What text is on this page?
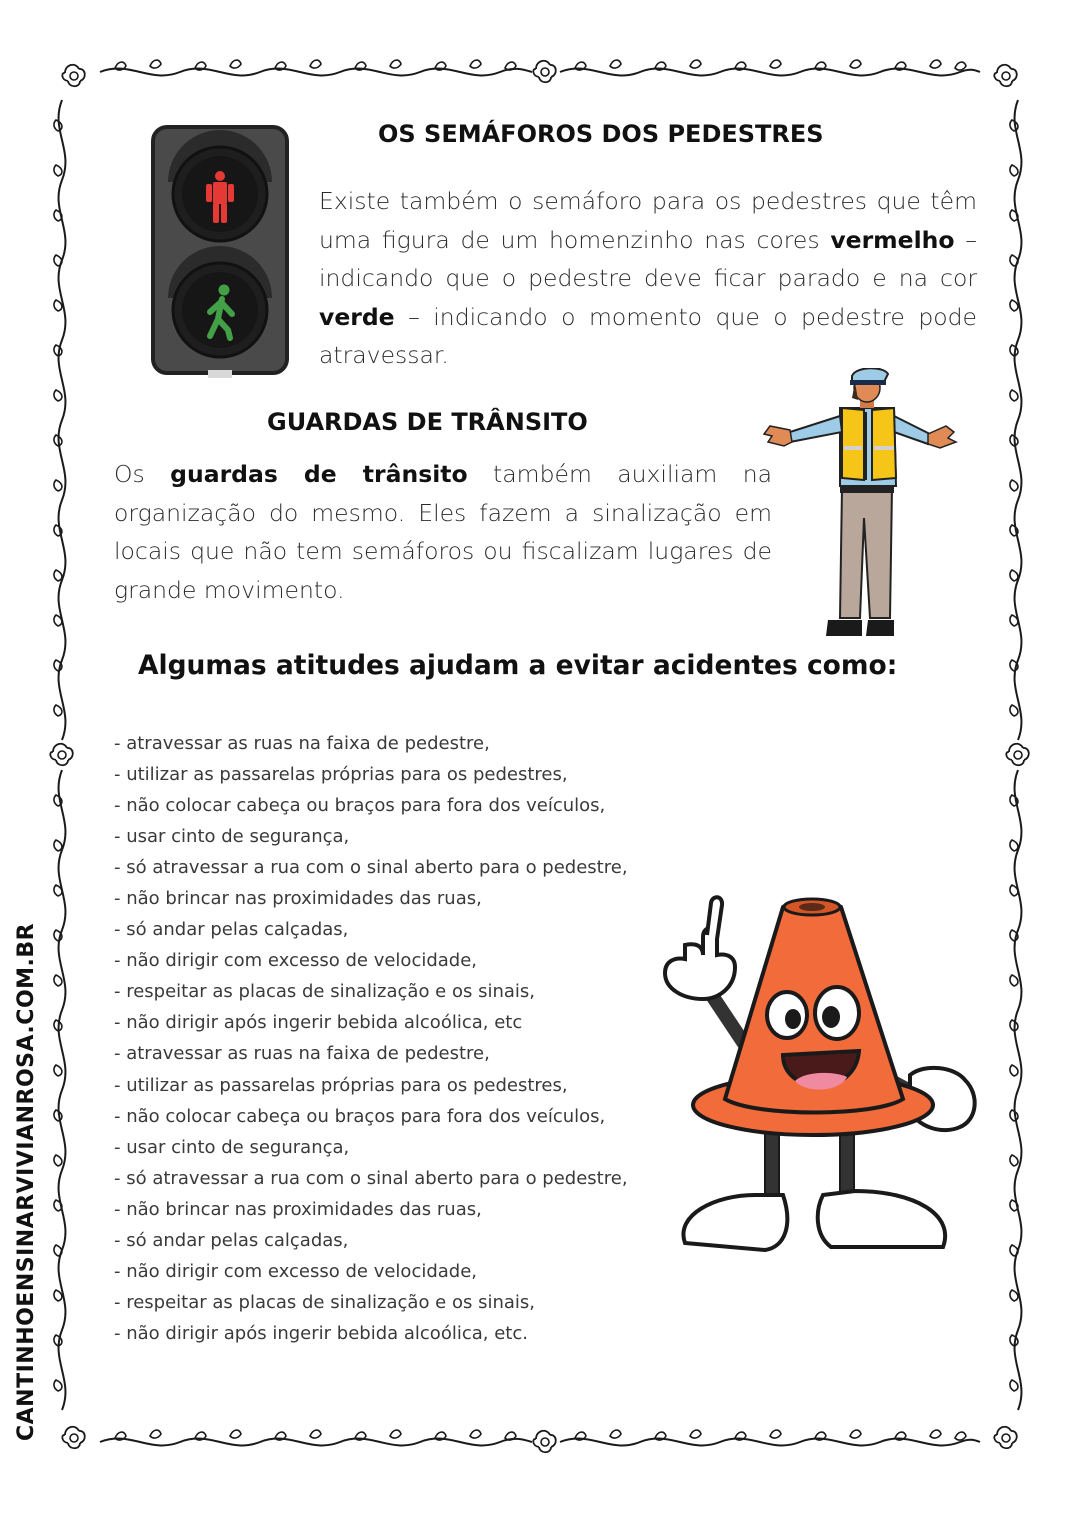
CANTINHOENSINARVIVIANROSA.COM.BR
OS SEMÁFOROS DOS PEDESTRES

Existe também o semáforo para os pedestres que têm uma figura de um homenzinho nas cores vermelho – indicando que o pedestre deve ficar parado e na cor verde – indicando o momento que o pedestre pode atravessar.

GUARDAS DE TRÂNSITO

Os guardas de trânsito também auxiliam na organização do mesmo. Eles fazem a sinalização em locais que não tem semáforos ou fiscalizam lugares de grande movimento.

Algumas atitudes ajudam a evitar acidentes como:
- atravessar as ruas na faixa de pedestre,
- utilizar as passarelas próprias para os pedestres,
- não colocar cabeça ou braços para fora dos veículos,
- usar cinto de segurança,
- só atravessar a rua com o sinal aberto para o pedestre,
- não brincar nas proximidades das ruas,
- só andar pelas calçadas,
- não dirigir com excesso de velocidade,
- respeitar as placas de sinalização e os sinais,
- não dirigir após ingerir bebida alcoólica, etc
- atravessar as ruas na faixa de pedestre,
- utilizar as passarelas próprias para os pedestres,
- não colocar cabeça ou braços para fora dos veículos,
- usar cinto de segurança,
- só atravessar a rua com o sinal aberto para o pedestre,
- não brincar nas proximidades das ruas,
- só andar pelas calçadas,
- não dirigir com excesso de velocidade,
- respeitar as placas de sinalização e os sinais,
- não dirigir após ingerir bebida alcoólica, etc.
